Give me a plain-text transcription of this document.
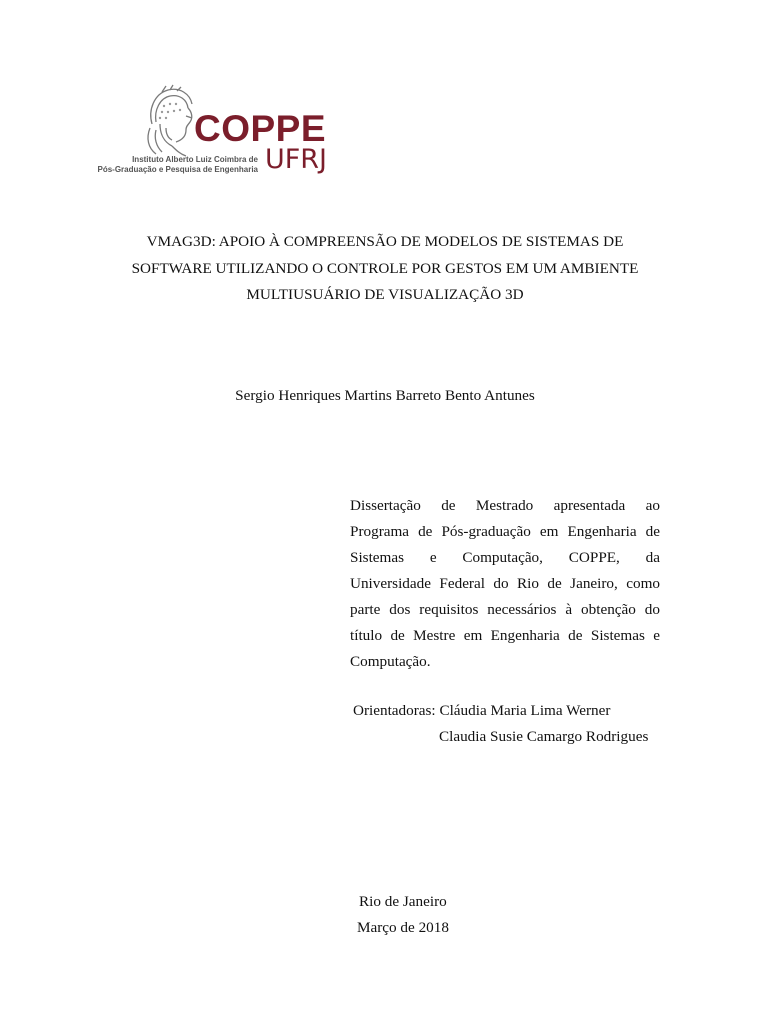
COPPE
UFRJ
Instituto Alberto Luiz Coimbra de
Pós-Graduação e Pesquisa de Engenharia
VMAG3D: APOIO À COMPREENSÃO DE MODELOS DE SISTEMAS DE
SOFTWARE UTILIZANDO O CONTROLE POR GESTOS EM UM AMBIENTE
MULTIUSUÁRIO DE VISUALIZAÇÃO 3D
Sergio Henriques Martins Barreto Bento Antunes
Dissertação de Mestrado apresentada ao
Programa de Pós-graduação em Engenharia de
Sistemas e Computação, COPPE, da
Universidade Federal do Rio de Janeiro, como
parte dos requisitos necessários à obtenção do
título de Mestre em Engenharia de Sistemas e
Computação.
Orientadoras: Cláudia Maria Lima Werner
Claudia Susie Camargo Rodrigues
Rio de Janeiro
Março de 2018
